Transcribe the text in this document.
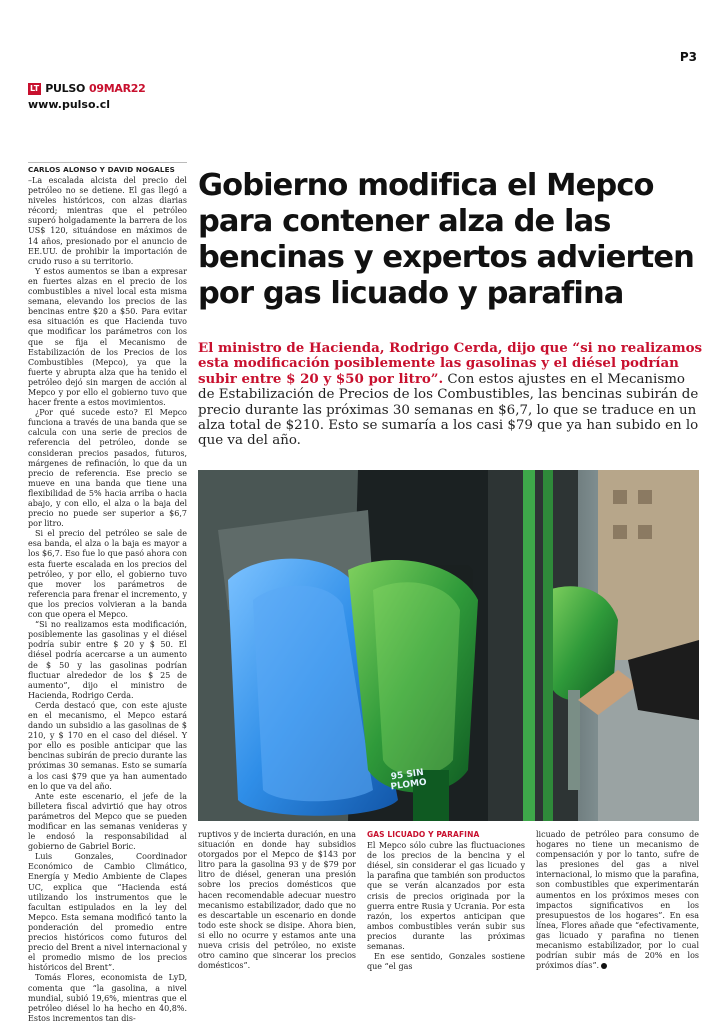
P3
LT PULSO 09MAR22
www.pulso.cl
CARLOS ALONSO Y DAVID NOGALES

–La escalada alcista del precio del petróleo no se detiene. El gas llegó a niveles históricos, con alzas diarias récord; mientras que el petróleo superó holgadamente la barrera de los US$ 120, situándose en máximos de 14 años, presionado por el anuncio de EE.UU. de prohibir la importación de crudo ruso a su territorio.

Y estos aumentos se iban a expresar en fuertes alzas en el precio de los combustibles a nivel local esta misma semana, elevando los precios de las bencinas entre $20 a $50. Para evitar esa situación es que Hacienda tuvo que modificar los parámetros con los que se fija el Mecanismo de Estabilización de los Precios de los Combustibles (Mepco), ya que la fuerte y abrupta alza que ha tenido el petróleo dejó sin margen de acción al Mepco y por ello el gobierno tuvo que hacer frente a estos movimientos.

¿Por qué sucede esto? El Mepco funciona a través de una banda que se calcula con una serie de precios de referencia del petróleo, donde se consideran precios pasados, futuros, márgenes de refinación, lo que da un precio de referencia. Ese precio se mueve en una banda que tiene una flexibilidad de 5% hacia arriba o hacia abajo, y con ello, el alza o la baja del precio no puede ser superior a $6,7 por litro.

Si el precio del petróleo se sale de esa banda, el alza o la baja es mayor a los $6,7. Eso fue lo que pasó ahora con esta fuerte escalada en los precios del petróleo, y por ello, el gobierno tuvo que mover los parámetros de referencia para frenar el incremento, y que los precios volvieran a la banda con que opera el Mepco.

“Si no realizamos esta modificación, posiblemente las gasolinas y el diésel podría subir entre $ 20 y $ 50. El diésel podría acercarse a un aumento de $ 50 y las gasolinas podrían fluctuar alrededor de los $ 25 de aumento”, dijo el ministro de Hacienda, Rodrigo Cerda.

Cerda destacó que, con este ajuste en el mecanismo, el Mepco estará dando un subsidio a las gasolinas de $ 210, y $ 170 en el caso del diésel. Y por ello es posible anticipar que las bencinas subirán de precio durante las próximas 30 semanas. Esto se sumaría a los casi $79 que ya han aumentado en lo que va del año.

Ante este escenario, el jefe de la billetera fiscal advirtió que hay otros parámetros del Mepco que se pueden modificar en las semanas venideras y le endosó la responsabilidad al gobierno de Gabriel Boric.

Luis Gonzales, Coordinador Económico de Cambio Climático, Energía y Medio Ambiente de Clapes UC, explica que “Hacienda está utilizando los instrumentos que le facultan estipulados en la ley del Mepco. Esta semana modificó tanto la ponderación del promedio entre precios históricos como futuros del precio del Brent a nivel internacional y el promedio mismo de los precios históricos del Brent”.

Tomás Flores, economista de LyD, comenta que “la gasolina, a nivel mundial, subió 19,6%, mientras que el petróleo diésel lo ha hecho en 40,8%. Estos incrementos tan dis-

Gobierno modifica el Mepco para contener alza de las bencinas y expertos advierten por gas licuado y parafina
El ministro de Hacienda, Rodrigo Cerda, dijo que “si no realizamos esta modificación posiblemente las gasolinas y el diésel podrían subir entre $ 20 y $50 por litro”. Con estos ajustes en el Mecanismo de Estabilización de Precios de los Combustibles, las bencinas subirán de precio durante las próximas 30 semanas en $6,7, lo que se traduce en un alza total de $210. Esto se sumaría a los casi $79 que ya han subido en lo que va del año.
95 SIN PLOMO

ruptivos y de incierta duración, en una situación en donde hay subsidios otorgados por el Mepco de $143 por litro para la gasolina 93 y de $79 por litro de diésel, generan una presión sobre los precios domésticos que hacen recomendable adecuar nuestro mecanismo estabilizador, dado que no es descartable un escenario en donde todo este shock se disipe. Ahora bien, si ello no ocurre y estamos ante una nueva crisis del petróleo, no existe otro camino que sincerar los precios domésticos”.

GAS LICUADO Y PARAFINA

El Mepco sólo cubre las fluctuaciones de los precios de la bencina y el diésel, sin considerar el gas licuado y la parafina que también son productos que se verán alcanzados por esta crisis de precios originada por la guerra entre Rusia y Ucrania. Por esta razón, los expertos anticipan que ambos combustibles verán subir sus precios durante las próximas semanas.

En ese sentido, Gonzales sostiene que “el gas

licuado de petróleo para consumo de hogares no tiene un mecanismo de compensación y por lo tanto, sufre de las presiones del gas a nivel internacional, lo mismo que la parafina, son combustibles que experimentarán aumentos en los próximos meses con impactos significativos en los presupuestos de los hogares”. En esa línea, Flores añade que “efectivamente, gas licuado y parafina no tienen mecanismo estabilizador, por lo cual podrían subir más de 20% en los próximos días”.
